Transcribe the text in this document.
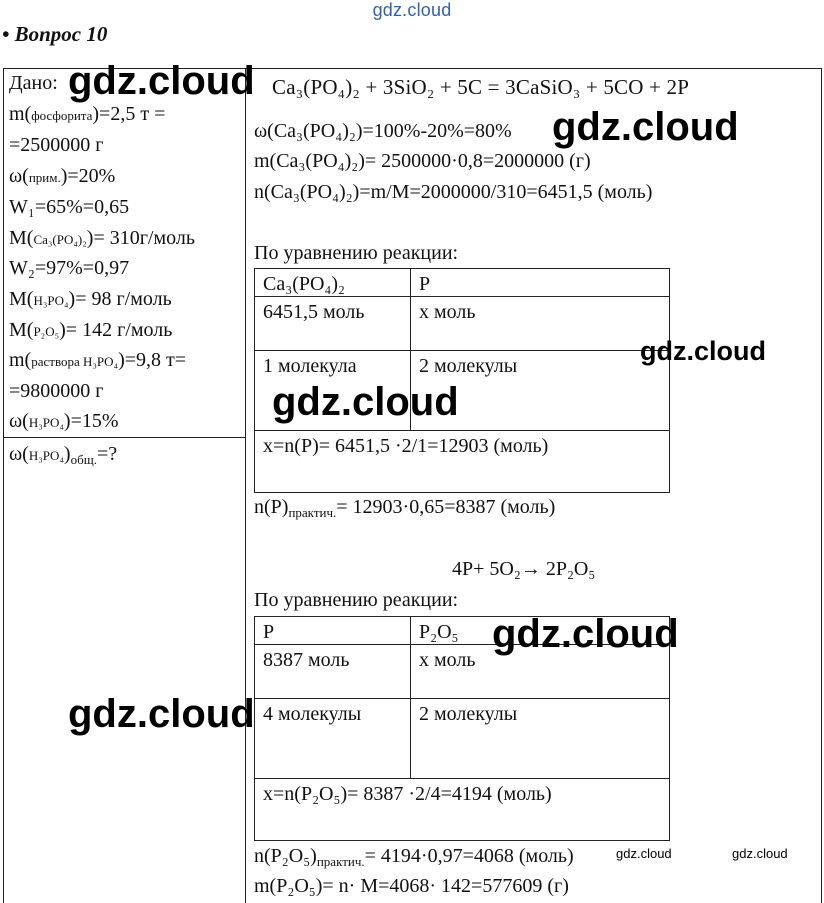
gdz.cloud
• Вопрос 10
Дано:
m(фосфорита)=2,5 т =
=2500000 г
ω(прим.)=20%
W₁=65%=0,65
M(Ca₃(PO₄)₂)= 310г/моль
W₂=97%=0,97
M(H₃PO₄)= 98 г/моль
M(P₂O₅)= 142 г/моль
m(раствора H₃PO₄)=9,8 т=
=9800000 г
ω(H₃PO₄)=15%
$\omega(H_3PO_4)_{общ.}=$?
Ca₃(PO₄)₂ + 3SiO₂ + 5C = 3CaSiO₃ + 5CO + 2P
ω(Ca₃(PO₄)₂)=100%-20%=80%
m(Ca₃(PO₄)₂)= 2500000·0,8=2000000 (г)
n(Ca₃(PO₄)₂)=m/M=2000000/310=6451,5 (моль)
По уравнению реакции:
Ca₃(PO₄)₂	P
6451,5 моль	x моль
1 молекула	2 молекулы
x=n(P)= 6451,5 ·2/1=12903 (моль)	
$n(P)_{практич.}= 12903\cdot 0,65=8387$ (моль)
4P+ 5O₂→ 2P₂O₅
По уравнению реакции:
P	P₂O₅
8387 моль	x моль
4 молекулы	2 молекулы
x=n(P₂O₅)= 8387 ·2/4=4194 (моль)	
$n(P_2O_5)_{практич.}= 4194\cdot 0,97=4068$ (моль)
m(P₂O₅)= n· M=4068· 142=577609 (г)
gdz.cloud
gdz.cloud
gdz.cloud
gdz.cloud
gdz.cloud
gdz.cloud
gdz.cloud	gdz.cloud
